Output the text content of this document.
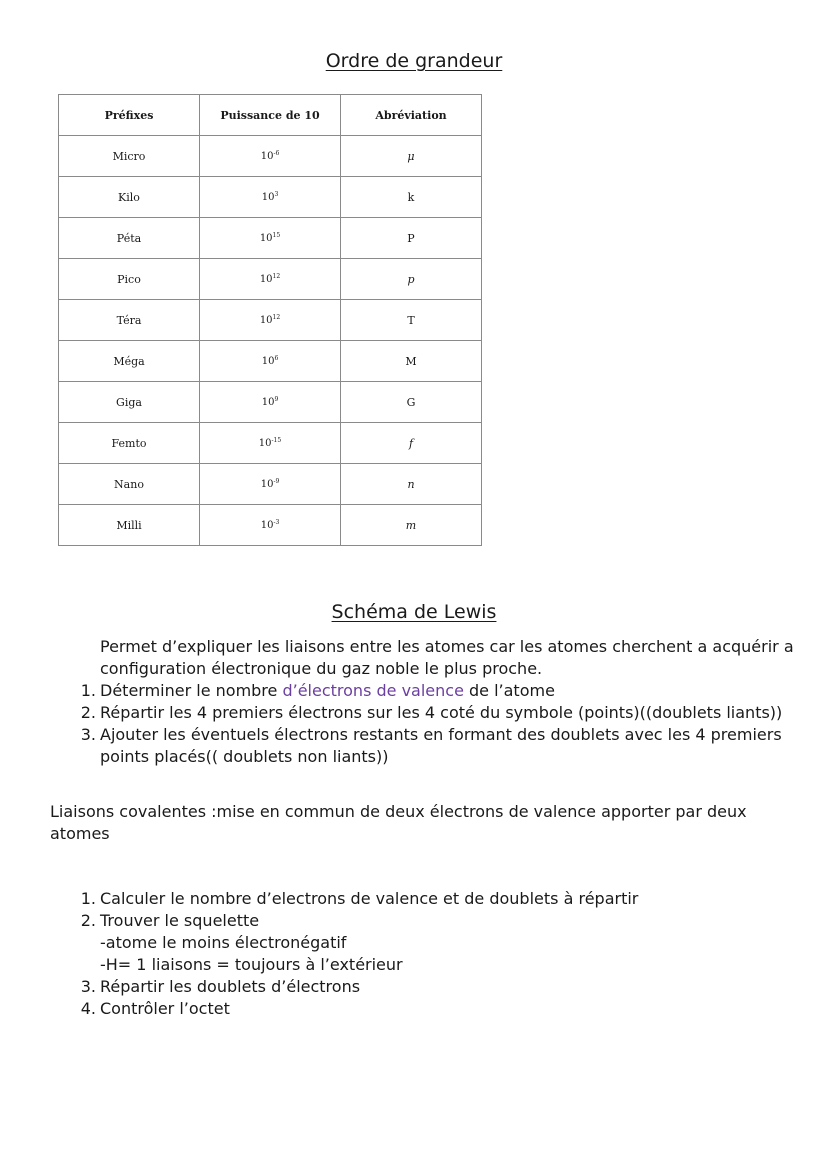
Ordre de grandeur
Préfixes	Puissance de 10	Abréviation
Micro	$10^{-6}$	μ
Kilo	$10^3$	k
Péta	$10^{15}$	P
Pico	$10^{12}$	p
Téra	$10^{12}$	T
Méga	$10^6$	M
Giga	$10^9$	G
Femto	$10^{-15}$	f
Nano	$10^{-9}$	n
Milli	$10^{-3}$	m
Schéma de Lewis
Permet d’expliquer les liaisons entre les atomes car les atomes cherchent a acquérir a configuration électronique du gaz noble le plus proche.
1. Déterminer le nombre d’électrons de valence de l’atome
2. Répartir les 4 premiers électrons sur les 4 coté du symbole (points)((doublets liants))
3. Ajouter les éventuels électrons restants en formant des doublets avec les 4 premiers points placés(( doublets non liants))
Liaisons covalentes :mise en commun de deux électrons de valence apporter par deux atomes
1. Calculer le nombre d’electrons de valence et de doublets à répartir
2. Trouver le squelette
-atome le moins électronégatif
-H= 1 liaisons = toujours à l’extérieur
3. Répartir les doublets d’électrons
4. Contrôler l’octet
